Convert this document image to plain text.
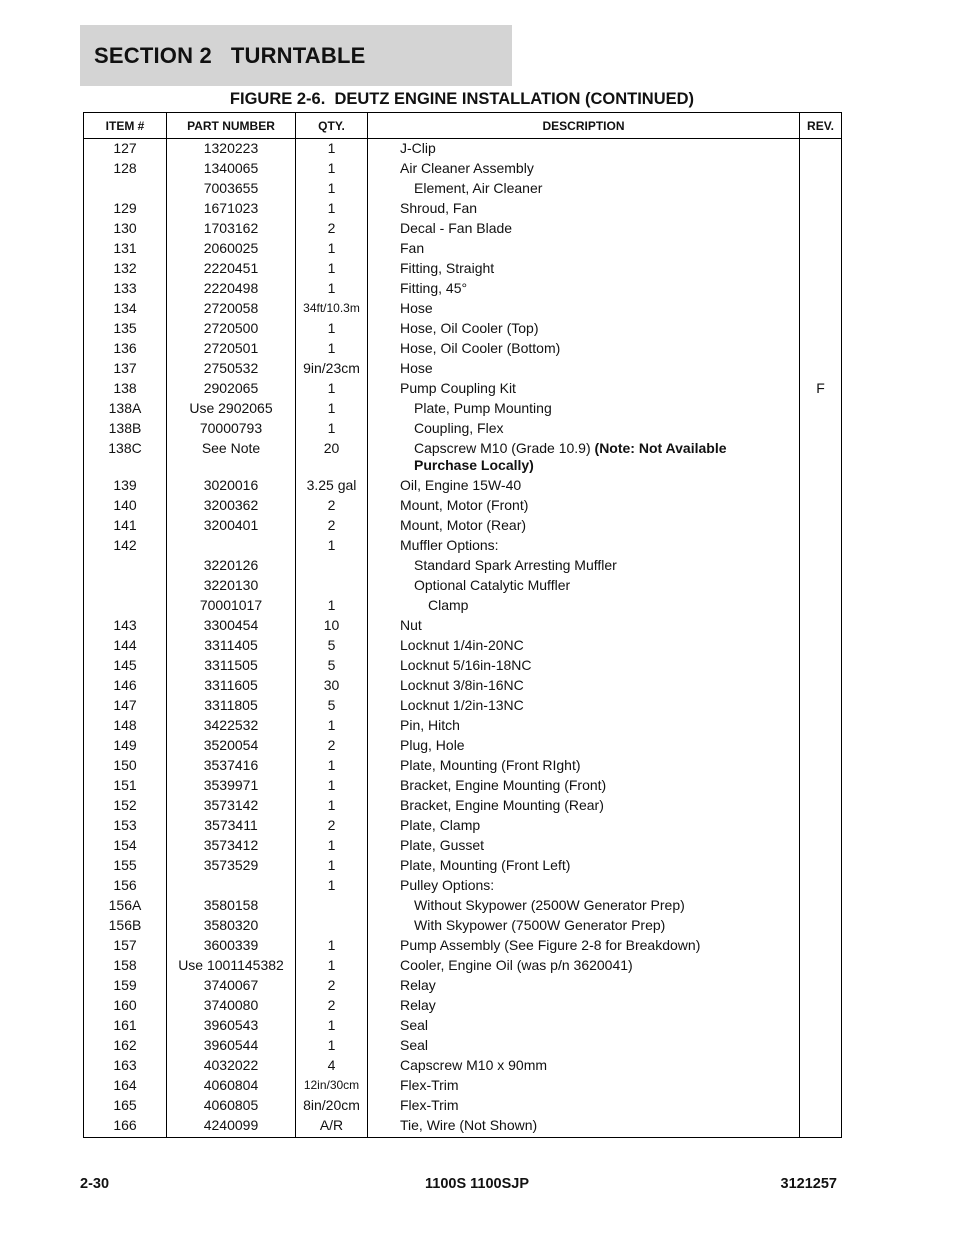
SECTION 2   TURNTABLE
FIGURE 2-6.  DEUTZ ENGINE INSTALLATION (CONTINUED)
ITEM #	PART NUMBER	QTY.	DESCRIPTION	REV.
127	1320223	1	J-Clip	
128	1340065	1	Air Cleaner Assembly	
	7003655	1	Element, Air Cleaner	

129	1671023	1	Shroud, Fan	
130	1703162	2	Decal - Fan Blade	
131	2060025	1	Fan	
132	2220451	1	Fitting, Straight	
133	2220498	1	Fitting, 45°	
134	2720058	34ft/10.3m	Hose	
135	2720500	1	Hose, Oil Cooler (Top)	
136	2720501	1	Hose, Oil Cooler (Bottom)	
137	2750532	9in/23cm	Hose	
138	2902065	1	Pump Coupling Kit	F
138A	Use 2902065	1	Plate, Pump Mounting	

138B	70000793	1	Coupling, Flex	

138C	See Note	20	Capscrew M10 (Grade 10.9) (Note: Not Available Purchase Locally)	

139	3020016	3.25 gal	Oil, Engine 15W-40	
140	3200362	2	Mount, Motor (Front)	
141	3200401	2	Mount, Motor (Rear)	
142		1	Muffler Options:	
	3220126		Standard Spark Arresting Muffler	

	3220130		Optional Catalytic Muffler	

	70001017	1	Clamp	

143	3300454	10	Nut	
144	3311405	5	Locknut 1/4in-20NC	
145	3311505	5	Locknut 5/16in-18NC	
146	3311605	30	Locknut 3/8in-16NC	
147	3311805	5	Locknut 1/2in-13NC	
148	3422532	1	Pin, Hitch	
149	3520054	2	Plug, Hole	
150	3537416	1	Plate, Mounting (Front RIght)	
151	3539971	1	Bracket, Engine Mounting (Front)	
152	3573142	1	Bracket, Engine Mounting (Rear)	
153	3573411	2	Plate, Clamp	
154	3573412	1	Plate, Gusset	
155	3573529	1	Plate, Mounting (Front Left)	
156		1	Pulley Options:	
156A	3580158		Without Skypower (2500W Generator Prep)	

156B	3580320		With Skypower (7500W Generator Prep)	

157	3600339	1	Pump Assembly (See Figure 2-8 for Breakdown)	
158	Use 1001145382	1	Cooler, Engine Oil (was p/n 3620041)	
159	3740067	2	Relay	
160	3740080	2	Relay	
161	3960543	1	Seal	
162	3960544	1	Seal	
163	4032022	4	Capscrew M10 x 90mm	
164	4060804	12in/30cm	Flex-Trim	
165	4060805	8in/20cm	Flex-Trim	
166	4240099	A/R	Tie, Wire (Not Shown)	

2-30	1100S 1100SJP	3121257
